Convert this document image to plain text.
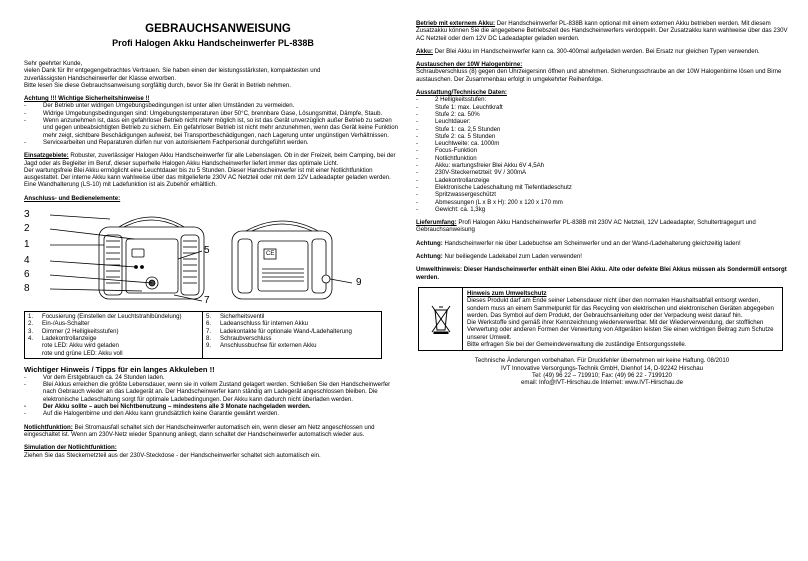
GEBRAUCHSANWEISUNG
Profi Halogen Akku Handscheinwerfer PL-838B

Sehr geehrter Kunde,

vielen Dank für Ihr entgegengebrachtes Vertrauen. Sie haben einen der leistungsstärksten, kompaktesten und

zuverlässigsten Handscheinwerfer der Klasse erworben.

Bitte lesen Sie diese Gebrauchsanweisung sorgfältig durch, bevor Sie Ihr Gerät in Betrieb nehmen.

Achtung !!! Wichtige Sicherheitshinweise !!

- Der Betrieb unter widrigen Umgebungsbedingungen ist unter allen Umständen zu vermeiden.
- Widrige Umgebungsbedingungen sind: Umgebungstemperaturen über 50°C, brennbare Gase, Lösungsmittel, Dämpfe, Staub.
- Wenn anzunehmen ist, dass ein gefahrloser Betrieb nicht mehr möglich ist, so ist das Gerät unverzüglich außer Betrieb zu setzen und gegen unbeabsichtigten Betrieb zu sichern. Ein gefahrloser Betrieb ist nicht mehr anzunehmen, wenn das Gerät keine Funktion mehr zeigt, sichtbare Beschädigungen aufweist, bei Transportbeschädigungen, nach Lagerung unter ungünstigen Verhältnissen.
- Servicearbeiten und Reparaturen dürfen nur von autorisiertem Fachpersonal durchgeführt werden.

Einsatzgebiete: Robuster, zuverlässiger Halogen Akku Handscheinwerfer für alle Lebenslagen. Ob in der Freizeit, beim Camping, bei der Jagd oder als Begleiter im Beruf, dieser superhelle Halogen Akku Handscheinwerfer liefert immer das optimale Licht.

Der wartungsfreie Blei Akku ermöglicht eine Leuchtdauer bis zu 5 Stunden. Dieser Handscheinwerfer ist mit einer Notlichtfunktion ausgestattet. Der interne Akku kann wahlweise über das mitgelieferte 230V AC Netzteil oder mit dem 12V Ladeadapter geladen werden. Eine Wandhalterung (LS-10) mit Ladefunktion ist als Zubehör erhältlich.

Anschluss- und Bedienelemente:

3
2
1
4
6
8
5
7
9
CE
1.	Focusierung (Einstellen der Leuchtstrahlbündelung)
2.	Ein-/Aus-Schalter
3.	Dimmer (2 Helligkeitsstufen)
4.	Ladekontrollanzeige
rote LED: Akku wird geladen
rote und grüne LED: Akku voll
5.	Sicherheitsventil
6.	Ladeanschluss für internen Akku
7.	Ladekontakte für optionale Wand-/Ladehalterung
8.	Schraubverschluss
9.	Anschlussbuchse für externen Akku

Wichtiger Hinweis / Tipps für ein langes Akkuleben !!

- Vor dem Erstgebrauch ca. 24 Stunden laden.
- Blei Akkus erreichen die größte Lebensdauer, wenn sie in vollem Zustand gelagert werden. Schließen Sie den Handscheinwerfer nach Gebrauch wieder an das Ladegerät an. Der Handscheinwerfer kann ständig am Ladegerät angeschlossen bleiben. Die elektronische Ladeschaltung sorgt für optimale Ladebedingungen. Der Akku kann dadurch nicht überladen werden.
- Der Akku sollte – auch bei Nichtbenutzung – mindestens alle 3 Monate nachgeladen werden.
- Auf die Halogenbirne und den Akku kann grundsätzlich keine Garantie gewährt werden.

Notlichtfunktion: Bei Stromausfall schaltet sich der Handscheinwerfer automatisch ein, wenn dieser am Netz angeschlossen und eingeschaltet ist. Wenn am 230V-Netz wieder Spannung anliegt, dann schaltet der Handscheinwerfer automatisch wieder aus.

Simulation der Notlichtfunktion:

Ziehen Sie das Steckernetzteil aus der 230V-Steckdose - der Handscheinwerfer schaltet sich automatisch ein.

Betrieb mit externem Akku: Der Handscheinwerfer PL-838B kann optional mit einem externen Akku betrieben werden. Mit diesem Zusatzakku können Sie die angegebene Betriebszeit des Handscheinwerfers verdoppeln. Der Zusatzakku kann wahlweise über das 230V AC Netzteil oder dem 12V DC Ladeadapter geladen werden.

Akku: Der Blei Akku im Handscheinwerfer kann ca. 300-400mal aufgeladen werden. Bei Ersatz nur gleichen Typen verwenden.

Austauschen der 10W Halogenbirne:

Schraubverschluss (8) gegen den Uhrzeigersinn öffnen und abnehmen. Sicherungsschraube an der 10W Halogenbirne lösen und Birne austauschen. Der Zusammenbau erfolgt in umgekehrter Reihenfolge.

Ausstattung/Technische Daten:

- 2 Helligkeitsstufen:
- Stufe 1: max. Leuchtkraft
- Stufe 2: ca. 50%
- Leuchtdauer:
- Stufe 1: ca. 2,5 Stunden
- Stufe 2: ca. 5 Stunden
- Leuchtweite: ca. 1000m
- Focus-Funktion
- Notlichtfunktion
- Akku: wartungsfreier Blei Akku 6V 4,5Ah
- 230V-Steckernetzteil: 9V / 300mA
- Ladekontrollanzeige
- Elektronische Ladeschaltung mit Tiefentladeschutz
- Spritzwassergeschützt
- Abmessungen (L x B x H): 200 x 120 x 170 mm
- Gewicht: ca. 1,3kg

Lieferumfang: Profi Halogen Akku Handscheinwerfer PL-838B mit 230V AC Netzteil, 12V Ladeadapter, Schultertragegurt und Gebrauchsanweisung

Achtung: Handscheinwerfer nie über Ladebuchse am Scheinwerfer und an der Wand-/Ladehalterung gleichzeitig laden!

Achtung: Nur beiliegende Ladekabel zum Laden verwenden!

Umwelthinweis: Dieser Handscheinwerfer enthält einen Blei Akku. Alte oder defekte Blei Akkus müssen als Sondermüll entsorgt werden.

Hinweis zum Umweltschutz

Dieses Produkt darf am Ende seiner Lebensdauer nicht über den normalen Haushaltsabfall entsorgt werden, sondern muss an einem Sammelpunkt für das Recycling von elektrischen und elektronischen Geräten abgegeben werden. Das Symbol auf dem Produkt, der Gebrauchsanleitung oder der Verpackung weist darauf hin.

Die Werkstoffe sind gemäß ihrer Kennzeichnung wiederverwertbar. Mit der Wiederverwendung, der stofflichen Verwertung oder anderen Formen der Verwertung von Altgeräten leisten Sie einen wichtigen Beitrag zum Schutze unserer Umwelt.

Bitte erfragen Sie bei der Gemeindeverwaltung die zuständige Entsorgungsstelle.

Technische Änderungen vorbehalten. Für Druckfehler übernehmen wir keine Haftung. 08/2010

IVT Innovative Versorgungs-Technik GmbH, Dienhof 14, D-92242 Hirschau

Tel: (49) 96 22 – 719910; Fax: (49) 96 22 - 7199120

email: Info@IVT-Hirschau.de Internet: www.IVT-Hirschau.de
